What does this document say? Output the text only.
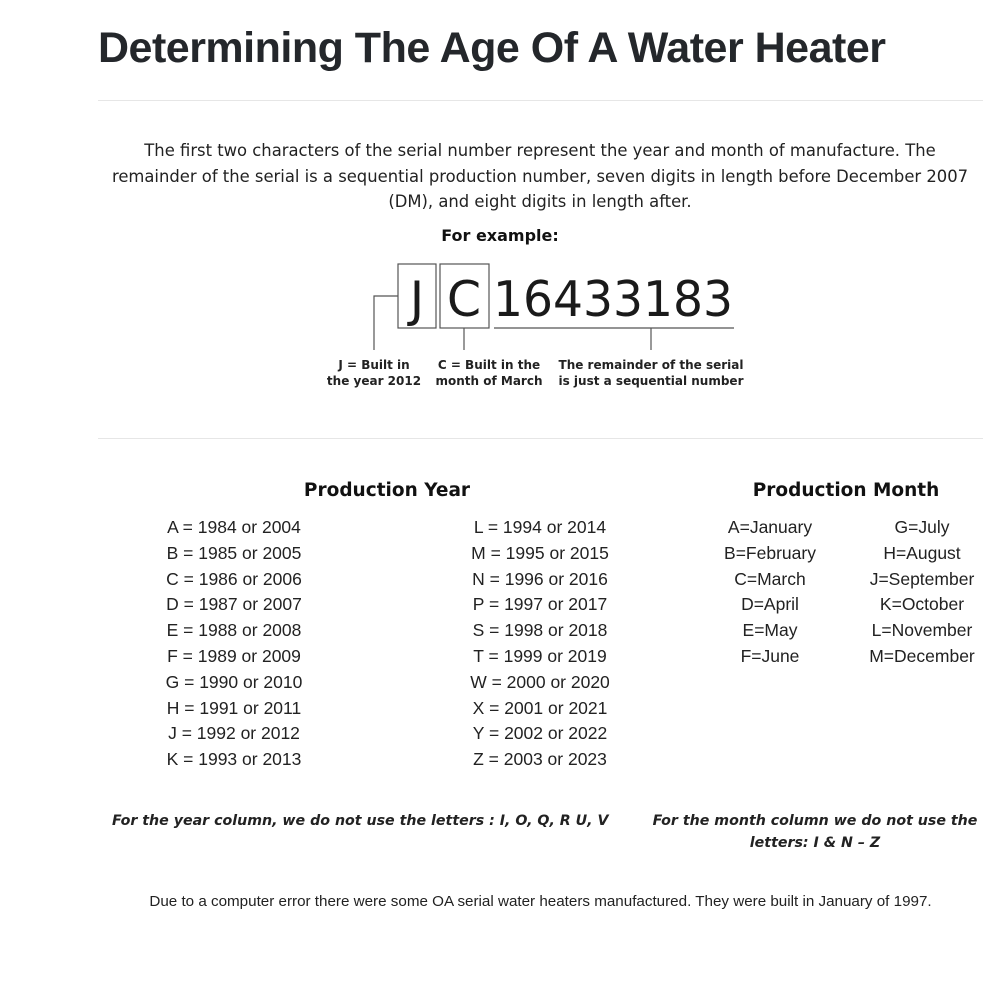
Determining The Age Of A Water Heater

The first two characters of the serial number represent the year and month of manufacture. The remainder of the serial is a sequential production number, seven digits in length before December 2007 (DM), and eight digits in length after.

For example:
J C 16433183
J = Built in the year 2012
C = Built in the month of March
The remainder of the serial is just a sequential number
Production Year
A = 1984 or 2004
B = 1985 or 2005
C = 1986 or 2006
D = 1987 or 2007
E = 1988 or 2008
F = 1989 or 2009
G = 1990 or 2010
H = 1991 or 2011
J = 1992 or 2012
K = 1993 or 2013
L = 1994 or 2014
M = 1995 or 2015
N = 1996 or 2016
P = 1997 or 2017
S = 1998 or 2018
T = 1999 or 2019
W = 2000 or 2020
X = 2001 or 2021
Y = 2002 or 2022
Z = 2003 or 2023
Production Month
A=January
B=February
C=March
D=April
E=May
F=June
G=July
H=August
J=September
K=October
L=November
M=December
For the year column, we do not use the letters : I, O, Q, R U, V	For the month column we do not use the letters: I & N – Z
Due to a computer error there were some OA serial water heaters manufactured. They were built in January of 1997.
